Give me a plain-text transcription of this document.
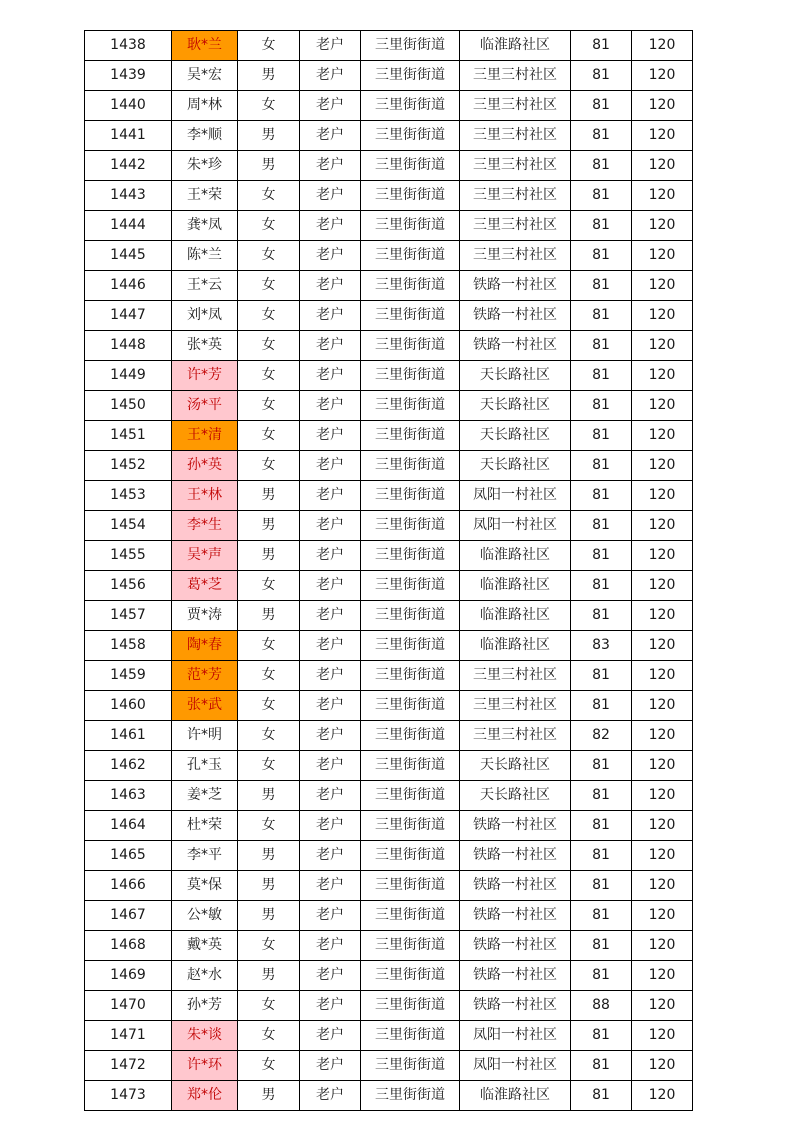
1438	耿*兰	女	老户	三里街街道	临淮路社区	81	120
1439	吴*宏	男	老户	三里街街道	三里三村社区	81	120
1440	周*林	女	老户	三里街街道	三里三村社区	81	120
1441	李*顺	男	老户	三里街街道	三里三村社区	81	120
1442	朱*珍	男	老户	三里街街道	三里三村社区	81	120
1443	王*荣	女	老户	三里街街道	三里三村社区	81	120
1444	龚*凤	女	老户	三里街街道	三里三村社区	81	120
1445	陈*兰	女	老户	三里街街道	三里三村社区	81	120
1446	王*云	女	老户	三里街街道	铁路一村社区	81	120
1447	刘*凤	女	老户	三里街街道	铁路一村社区	81	120
1448	张*英	女	老户	三里街街道	铁路一村社区	81	120
1449	许*芳	女	老户	三里街街道	天长路社区	81	120
1450	汤*平	女	老户	三里街街道	天长路社区	81	120
1451	王*清	女	老户	三里街街道	天长路社区	81	120
1452	孙*英	女	老户	三里街街道	天长路社区	81	120
1453	王*林	男	老户	三里街街道	凤阳一村社区	81	120
1454	李*生	男	老户	三里街街道	凤阳一村社区	81	120
1455	吴*声	男	老户	三里街街道	临淮路社区	81	120
1456	葛*芝	女	老户	三里街街道	临淮路社区	81	120
1457	贾*涛	男	老户	三里街街道	临淮路社区	81	120
1458	陶*春	女	老户	三里街街道	临淮路社区	83	120
1459	范*芳	女	老户	三里街街道	三里三村社区	81	120
1460	张*武	女	老户	三里街街道	三里三村社区	81	120
1461	许*明	女	老户	三里街街道	三里三村社区	82	120
1462	孔*玉	女	老户	三里街街道	天长路社区	81	120
1463	姜*芝	男	老户	三里街街道	天长路社区	81	120
1464	杜*荣	女	老户	三里街街道	铁路一村社区	81	120
1465	李*平	男	老户	三里街街道	铁路一村社区	81	120
1466	莫*保	男	老户	三里街街道	铁路一村社区	81	120
1467	公*敏	男	老户	三里街街道	铁路一村社区	81	120
1468	戴*英	女	老户	三里街街道	铁路一村社区	81	120
1469	赵*水	男	老户	三里街街道	铁路一村社区	81	120
1470	孙*芳	女	老户	三里街街道	铁路一村社区	88	120
1471	朱*谈	女	老户	三里街街道	凤阳一村社区	81	120
1472	许*环	女	老户	三里街街道	凤阳一村社区	81	120
1473	郑*伦	男	老户	三里街街道	临淮路社区	81	120
